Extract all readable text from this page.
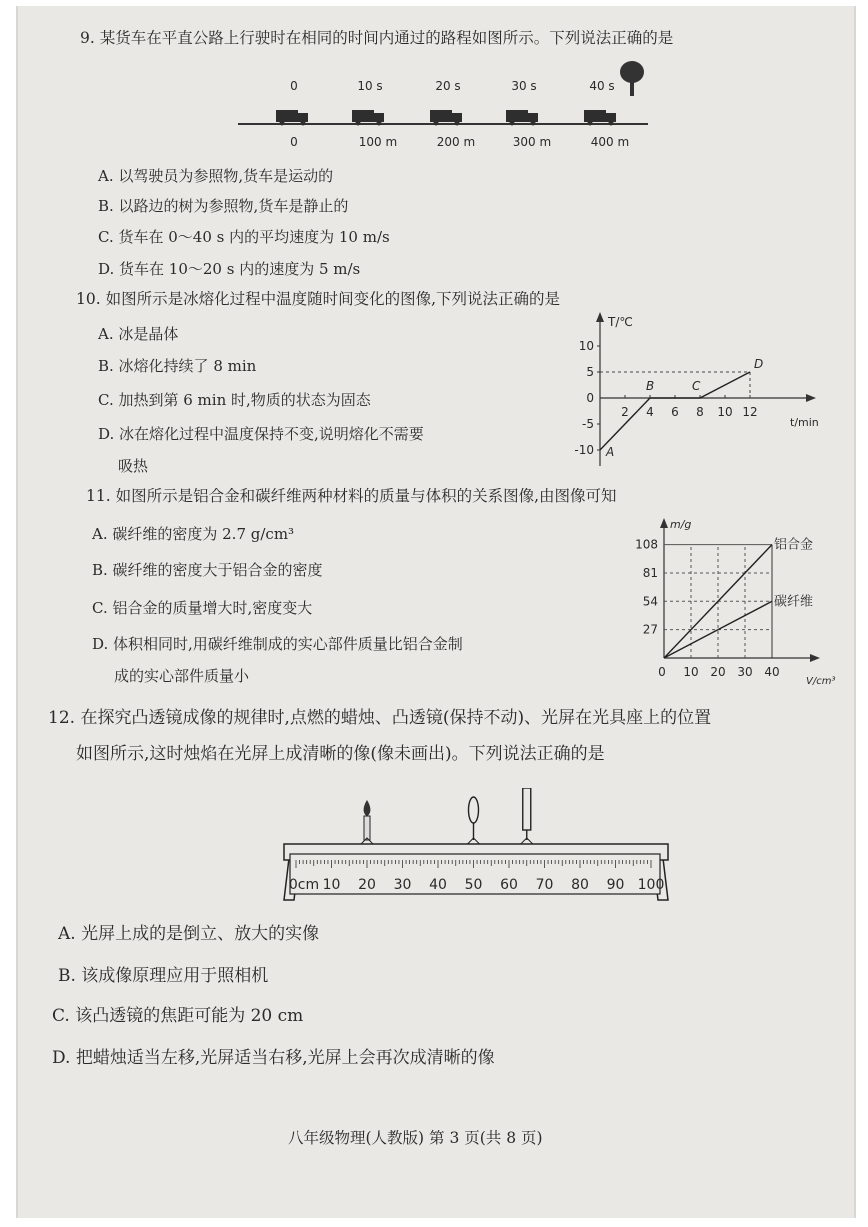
9. 某货车在平直公路上行驶时在相同的时间内通过的路程如图所示。下列说法正确的是
0	10 s	20 s	30 s	40 s
0	100 m	200 m	300 m	400 m
A. 以驾驶员为参照物,货车是运动的
B. 以路边的树为参照物,货车是静止的
C. 货车在 0～40 s 内的平均速度为 10 m/s
D. 货车在 10～20 s 内的速度为 5 m/s
10. 如图所示是冰熔化过程中温度随时间变化的图像,下列说法正确的是
A. 冰是晶体
B. 冰熔化持续了 8 min
C. 加热到第 6 min 时,物质的状态为固态
D. 冰在熔化过程中温度保持不变,说明熔化不需要
吸热
T/℃
t/min
10
5
0
-5
-10
2 4 6 8 10 12
A
B	C
D
11. 如图所示是铝合金和碳纤维两种材料的质量与体积的关系图像,由图像可知
A. 碳纤维的密度为 2.7 g/cm³
B. 碳纤维的密度大于铝合金的密度
C. 铝合金的质量增大时,密度变大
D. 体积相同时,用碳纤维制成的实心部件质量比铝合金制
成的实心部件质量小
m/g
V/cm³
108
81
54
27
0 10 20 30 40
铝合金
碳纤维
12. 在探究凸透镜成像的规律时,点燃的蜡烛、凸透镜(保持不动)、光屏在光具座上的位置
如图所示,这时烛焰在光屏上成清晰的像(像未画出)。下列说法正确的是
0cm 10 20 30 40 50 60 70 80 90 100
A. 光屏上成的是倒立、放大的实像
B. 该成像原理应用于照相机
C. 该凸透镜的焦距可能为 20 cm
D. 把蜡烛适当左移,光屏适当右移,光屏上会再次成清晰的像
八年级物理(人教版) 第 3 页(共 8 页)
